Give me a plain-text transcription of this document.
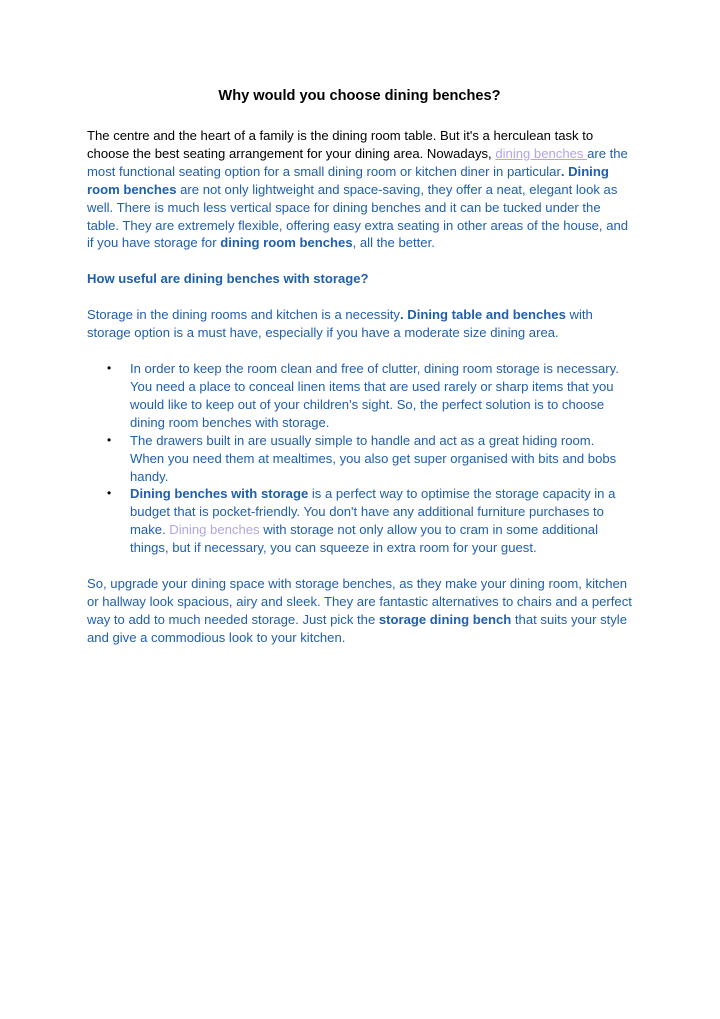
Why would you choose dining benches?

The centre and the heart of a family is the dining room table. But it's a herculean task to choose the best seating arrangement for your dining area. Nowadays, dining benches are the most functional seating option for a small dining room or kitchen diner in particular. Dining room benches are not only lightweight and space-saving, they offer a neat, elegant look as well. There is much less vertical space for dining benches and it can be tucked under the table. They are extremely flexible, offering easy extra seating in other areas of the house, and if you have storage for dining room benches, all the better.

How useful are dining benches with storage?

Storage in the dining rooms and kitchen is a necessity. Dining table and benches with storage option is a must have, especially if you have a moderate size dining area.

• In order to keep the room clean and free of clutter, dining room storage is necessary. You need a place to conceal linen items that are used rarely or sharp items that you would like to keep out of your children's sight. So, the perfect solution is to choose dining room benches with storage.
• The drawers built in are usually simple to handle and act as a great hiding room. When you need them at mealtimes, you also get super organised with bits and bobs handy.
• Dining benches with storage is a perfect way to optimise the storage capacity in a budget that is pocket-friendly. You don't have any additional furniture purchases to make. Dining benches with storage not only allow you to cram in some additional things, but if necessary, you can squeeze in extra room for your guest.

So, upgrade your dining space with storage benches, as they make your dining room, kitchen or hallway look spacious, airy and sleek. They are fantastic alternatives to chairs and a perfect way to add to much needed storage. Just pick the storage dining bench that suits your style and give a commodious look to your kitchen.
